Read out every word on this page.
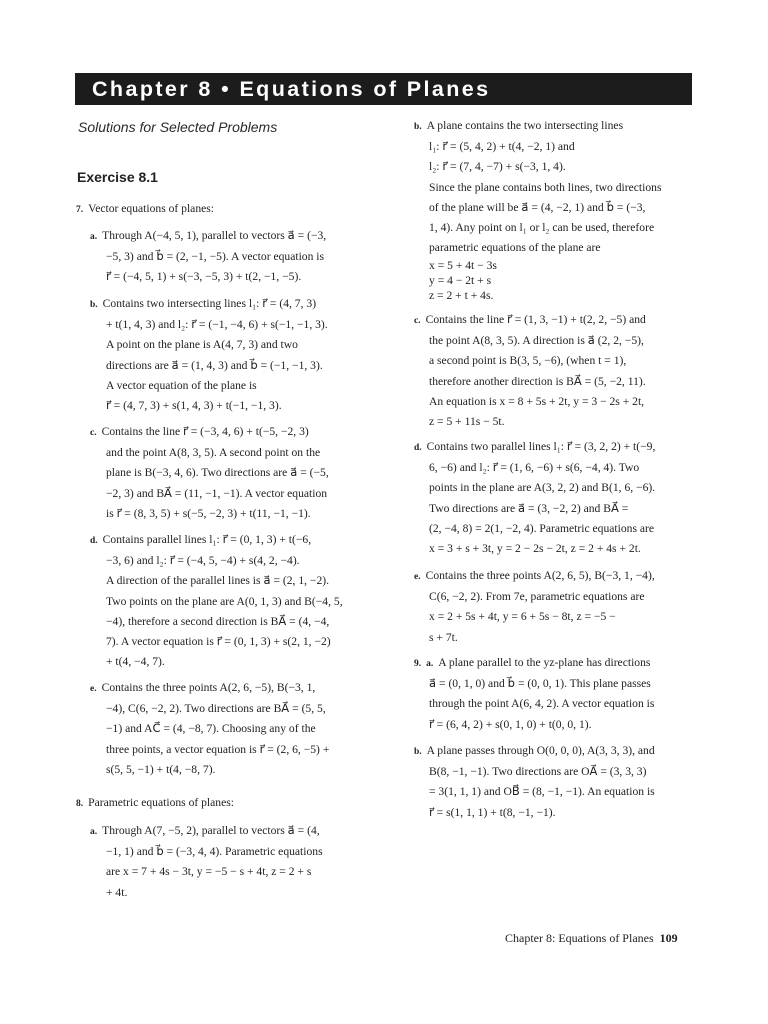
Chapter 8 • Equations of Planes
Solutions for Selected Problems
Exercise 8.1

7. Vector equations of planes:

a. Through A(−4, 5, 1), parallel to vectors a⃗ = (−3,

−5, 3) and b⃗ = (2, −1, −5). A vector equation is

r⃗ = (−4, 5, 1) + s(−3, −5, 3) + t(2, −1, −5).

b. Contains two intersecting lines l₁: r⃗ = (4, 7, 3)

+ t(1, 4, 3) and l₂: r⃗ = (−1, −4, 6) + s(−1, −1, 3).

A point on the plane is A(4, 7, 3) and two

directions are a⃗ = (1, 4, 3) and b⃗ = (−1, −1, 3).

A vector equation of the plane is

r⃗ = (4, 7, 3) + s(1, 4, 3) + t(−1, −1, 3).

c. Contains the line r⃗ = (−3, 4, 6) + t(−5, −2, 3)

and the point A(8, 3, 5). A second point on the

plane is B(−3, 4, 6). Two directions are a⃗ = (−5,

−2, 3) and BA⃗ = (11, −1, −1). A vector equation

is r⃗ = (8, 3, 5) + s(−5, −2, 3) + t(11, −1, −1).

d. Contains parallel lines l₁: r⃗ = (0, 1, 3) + t(−6,

−3, 6) and l₂: r⃗ = (−4, 5, −4) + s(4, 2, −4).

A direction of the parallel lines is a⃗ = (2, 1, −2).

Two points on the plane are A(0, 1, 3) and B(−4, 5,

−4), therefore a second direction is BA⃗ = (4, −4,

7). A vector equation is r⃗ = (0, 1, 3) + s(2, 1, −2)

+ t(4, −4, 7).

e. Contains the three points A(2, 6, −5), B(−3, 1,

−4), C(6, −2, 2). Two directions are BA⃗ = (5, 5,

−1) and AC⃗ = (4, −8, 7). Choosing any of the

three points, a vector equation is r⃗ = (2, 6, −5) +

s(5, 5, −1) + t(4, −8, 7).

8. Parametric equations of planes:

a. Through A(7, −5, 2), parallel to vectors a⃗ = (4,

−1, 1) and b⃗ = (−3, 4, 4). Parametric equations

are x = 7 + 4s − 3t, y = −5 − s + 4t, z = 2 + s

+ 4t.

b. A plane contains the two intersecting lines

l₁: r⃗ = (5, 4, 2) + t(4, −2, 1) and

l₂: r⃗ = (7, 4, −7) + s(−3, 1, 4).

Since the plane contains both lines, two directions

of the plane will be a⃗ = (4, −2, 1) and b⃗ = (−3,

1, 4). Any point on l₁ or l₂ can be used, therefore

parametric equations of the plane are

x = 5 + 4t − 3s

y = 4 − 2t + s

z = 2 + t + 4s.

c. Contains the line r⃗ = (1, 3, −1) + t(2, 2, −5) and

the point A(8, 3, 5). A direction is a⃗ (2, 2, −5),

a second point is B(3, 5, −6), (when t = 1),

therefore another direction is BA⃗ = (5, −2, 11).

An equation is x = 8 + 5s + 2t, y = 3 − 2s + 2t,

z = 5 + 11s − 5t.

d. Contains two parallel lines l₁: r⃗ = (3, 2, 2) + t(−9,

6, −6) and l₂: r⃗ = (1, 6, −6) + s(6, −4, 4). Two

points in the plane are A(3, 2, 2) and B(1, 6, −6).

Two directions are a⃗ = (3, −2, 2) and BA⃗ =

(2, −4, 8) = 2(1, −2, 4). Parametric equations are

x = 3 + s + 3t, y = 2 − 2s − 2t, z = 2 + 4s + 2t.

e. Contains the three points A(2, 6, 5), B(−3, 1, −4),

C(6, −2, 2). From 7e, parametric equations are

x = 2 + 5s + 4t, y = 6 + 5s − 8t, z = −5 −

s + 7t.

9. a. A plane parallel to the yz-plane has directions

a⃗ = (0, 1, 0) and b⃗ = (0, 0, 1). This plane passes

through the point A(6, 4, 2). A vector equation is

r⃗ = (6, 4, 2) + s(0, 1, 0) + t(0, 0, 1).

b. A plane passes through O(0, 0, 0), A(3, 3, 3), and

B(8, −1, −1). Two directions are OA⃗ = (3, 3, 3)

= 3(1, 1, 1) and OB⃗ = (8, −1, −1). An equation is

r⃗ = s(1, 1, 1) + t(8, −1, −1).

Chapter 8: Equations of Planes 109
